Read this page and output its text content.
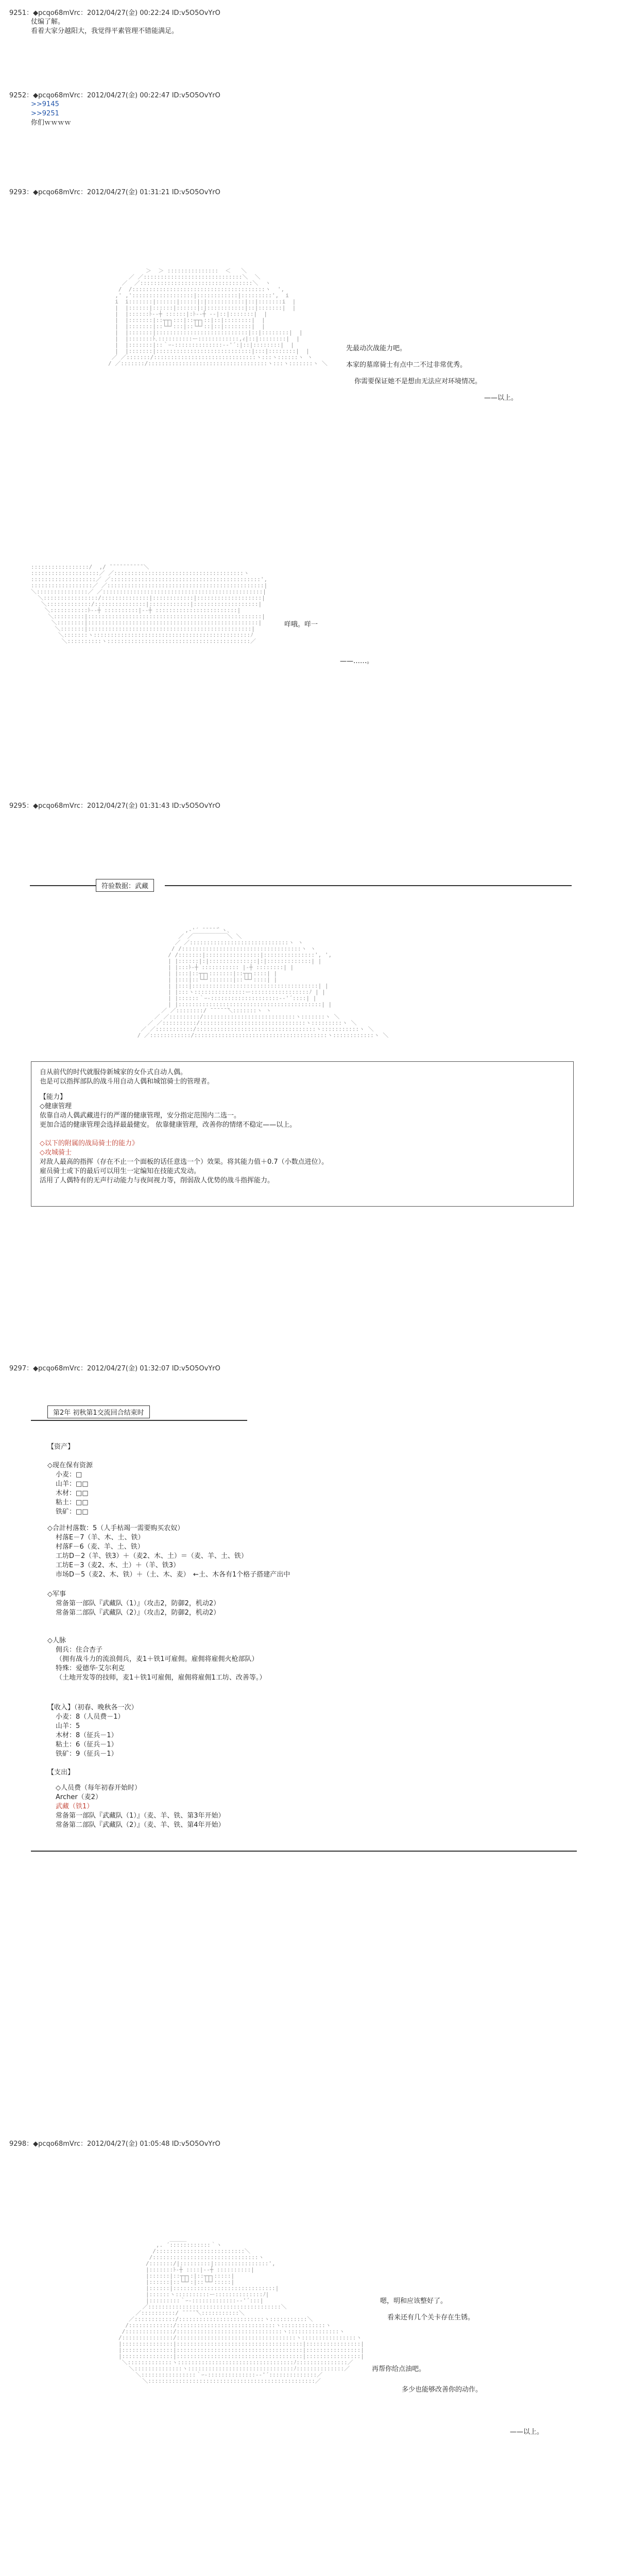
9251：◆pcqo68mVrc：2012/04/27(金) 00:22:24 ID:v5O5OvYrO
仗编了解。
看着大家分越阳大，我觉得平素管理不错能满足。
9252：◆pcqo68mVrc：2012/04/27(金) 00:22:47 ID:v5O5OvYrO
>>9145
>>9251
你们ｗｗｗｗ
9293：◆pcqo68mVrc：2012/04/27(金) 01:31:21 ID:v5O5OvYrO
＞  ＞ :::::::::::::::  ＜   ＼
／ ／:::::::::::::::::::::::::::::＼  ＼
／  ／:::::::::::::::::::::::::::::::::＼  ヽ
/  /:::::::::::::::::::::::::::::::::::::::ヽ  ',
,' ,'::::::::::::::::::|::::::::::::|:::::::::',  i
i  i:::::::|::::::|:::::|:|:::::::::::|::|:::::::i  |
|  |::::::|::::::|::::::|:|:::::::::::|::|:::::::|  |
|  |::::::ﾄ-‐┼ ::::::|:ﾄ-‐┼ ‐-|::|:::::::|  |
|  |:::::::|::┬┬┐:::|::┬┬┐::|::|::::::::|  |
|  |:::::::|::└┴┘:::|::└┴┘::|::|::::::::|  |
|  |:::::::|:::::::::::::::::::::::::::|::|::::::::|  |
|  |:::::::ﾄ､::::::::::ー::::::::::::,ｨ|::|::::::::|  |
|  |:::::::|::｀ｰ-::::::::::::::-‐'´:|::|::::::::|  |
|  |:::::::|::::::::::::::::::::::::::::|:::|::::::::|  |
／ ／:::::::/::::::::::::::::::::::::::::::ヽ:::ヽ::::::ヽ ヽ
/ ／:::::::/:::::::::::::::::::::::::::::::::::ヽ:::ヽ:::::::ヽ ＼
先最动次战能力吧。
本家的墓席骑士有点中二不过非常优秀。
你需要保证她不是想由无法应对环境情况。
——以上。
:::::::::::::::::/  ,/ ̄ ̄ ̄ ̄ ̄ ̄ ̄ ̄ ̄ ̄ ＼
::::::::::::::::::::／ ／::::::::::::::::::::::::::::::::::::::ヽ
:::::::::::::::::::／ ／::::::::::::::::::::::::::::::::::::::::::::',
::::::::::::::::::／ ／::::::::::::::::::::::::::::::::::::::::::::::|
＼:::::::::::::::／ ／:::::::::::::::::::::::::::::::::::::::::::::::|
＼::::::::::::::::/::::::::::::::|::::::::::::|:::::::::::::::::::|
＼:::::::::::::/:::::::::::::::|::::::::::::|:::::::::::::::::::|
＼:::::::::::ﾄ-‐┼ ::::::::::|-‐┼ ::::::::::::::::::::::::|
＼:::::::::|:::::::::::::::::::::::::::::::::::::::::::::::::::|
＼::::::::|::::::::::::::::::::::::::::::::::::::::::::::::::|
＼:::::::|::::::::::::::::::::::::::::::::::::::::::::::::|
＼:::::::ヽ::::::::::::::::::::::::::::::::::::::::::::::ﾉ
＼::::::::::ヽ::::::::::::::::::::::::::::::::::::::::::／
咩哦。咩一
——……。
9295：◆pcqo68mVrc：2012/04/27(金) 01:31:43 ID:v5O5OvYrO
符验数据：武藏
,-'´ ̄ ̄ ̄ ̄ ̄｀ヽ､
／ ／￣￣￣￣￣￣＼ ＼
／ ／:::::::::::::::::::::::::::::ヽ ヽ
/ /:::::::::::::::::::::::::::::::::::ヽ ヽ
/ /:::::::|::::::::::::::::|:::::::::::::::', ',
| |::::::|:|::::::::::::::|:|:::::::::::::| |
| |:::ﾄ‐┼ ::::::::::: |‐┼ ::::::::| |
| |:::|::┬┬┐:::::::|::┬┬┐::::| |
| |:::|::└┴┘:::::::|::└┴┘::::| |
| |:::|:::::::::::::::::::::::::::::::::::::| |
| |:::ヽ:::::::::::::::ー:::::::::::::::::ﾉ | |
| |::::::｀ｰ-::::::::::::::::::::-‐'´::::| |
| |::::::::::::::::::::::::::::::::::::::::::| |
／ ／::::::::/ ̄ ̄ ̄ ̄ ̄ ̄＼:::::::ヽ ヽ
／ ／:::::::::/:::::::::::::::::::::::::::ヽ:::::::ヽ ＼
／ ／::::::::::/:::::::::::::::::::::::::::::::ヽ:::::::::ヽ ＼
／ ／:::::::::::/:::::::::::::::::::::::::::::::::::ヽ:::::::::::ヽ ＼
/ ／::::::::::::/:::::::::::::::::::::::::::::::::::::::ヽ::::::::::::ヽ ＼
自从前代的时代就服侍新城家的女仆式自动人偶。
也是可以指挥部队的战斗用自动人偶和城馆骑士的管理者。
【能力】
◇健康管理
依靠自动人偶武藏进行的严谨的健康管理，安分指定范围内二选一。
更加合适的健康管理会选择最最健安。 依靠健康管理，改善你的情绪不稳定——以上。
◇以下的附属的战局骑士的能力》
◇攻城骑士
对敌人最高的指挥（存在不止一个面板的话任意选一个）效果。将其能力值＋0.7（小数点进位）。
雇员骑士或下的最后可以用生一定编知在技能式发动。
活用了人偶特有的无声行动能力与夜间视力等，削弱敌人优势的战斗指挥能力。
9297：◆pcqo68mVrc：2012/04/27(金) 01:32:07 ID:v5O5OvYrO
第2年 初秋第1交流回合结束时
【资产】
◇现在保有资源
小麦：□
山羊：□□
木材：□□
粘土：□□
铁矿：□□
◇合計村落数：5（人手枯竭一需要购买农奴）
村落E－7（羊、木、土、铁）
村落F－6（麦、羊、土、铁）
工坊D－2（羊、铁3）＋（麦2、木、土）＝（麦、羊、土、铁）
工坊E－3（麦2、木、土）＋（羊、铁3）
市场D－5（麦2、木、铁）＋（土、木、麦）　←土、木各有1个格子搭建产出中
◇军事
常备第一部队『武藏队（1）』（攻击2，防御2，机动2）
常备第二部队『武藏队（2）』（攻击2，防御2，机动2）
◇人脉
佣兵：住合杏子
（拥有战斗力的流浪佣兵，麦1＋铁1可雇佣。雇佣将雇佣火枪部队）
特殊：爱德华·艾尔利克
（土地开发等的技师，麦1＋铁1可雇佣，雇佣将雇佣1工坊、改善等。）
【收入】（初春、晚秋各一次）
小麦：8（人员费－1）
山羊：5
木材：8（征兵－1）
粘土：6（征兵－1）
铁矿：9（征兵－1）
【支出】
◇人员费（每年初春开始时）
Archer（麦2）
武藏（铁1）
常备第一部队『武藏队（1）』（麦、羊、铁、第3年开始）
常备第二部队『武藏队（2）』（麦、羊、铁、第4年开始）
9298：◆pcqo68mVrc：2012/04/27(金) 01:05:48 ID:v5O5OvYrO
＿＿＿
,. ´::::::::::::｀ヽ
/::::::::::::::::::::::::::＼
/:::::::::::::::::::::::::::::::ヽ
/:::::::/|:::::::::|::::::::::::::::',
|:::::::ﾄ‐┼ ::::|-‐┼ ::::::::::|
|::::::|::┬┬┐:|::┬┬┐:::::|
|::::::|::└┴┘:|::└┴┘:::::|
|::::::|::::::::::::::::::::::::::::::|
|::::::ヽ::::::::::ー::::::::::::::ﾉ|
|:::::::::｀ｰ-:::::::::::::-‐'´:::|
／:::::::::::::::::::::::::::::::::::::::＼
／::::::::::/ ̄ ̄ ̄ ̄ ̄＼:::::::::::＼
／::::::::::::/:::::::::::::::::::::::::ヽ:::::::::::＼
/:::::::::::::/:::::::::::::::::::::::::::::ヽ:::::::::::::ヽ
/::::::::::::::/:::::::::::::::::::::::::::::::ヽ:::::::::::::::ヽ
/:::::::::::::::/:::::::::::::::::::::::::::::::::::ヽ::::::::::::::::ヽ
|:::::::::::::::|:::::::::::::::::::::::::::::::::::::|::::::::::::::::|
|:::::::::::::::|:::::::::::::::::::::::::::::::::::::|::::::::::::::::|
|:::::::::::::::|:::::::::::::::::::::::::::::::::::::|::::::::::::::::|
＼:::::::::::::ヽ::::::::::::::::::::::::::::::::::ﾉ:::::::::::::::／
＼::::::::::::::ヽ:::::::::::::::::::::::::::::::ﾉ::::::::::::::／
＼::::::::::::::::｀ｰ-::::::::::::::-‐'´::::::::::::::／
＼:::::::::::::::::::::::::::::::::::::::::::::::::／
嗯，明和应该整好了。
看来还有几个关卡存在生锈。
再帮你给点油吧。
多少也能够改善你的动作。
——以上。
